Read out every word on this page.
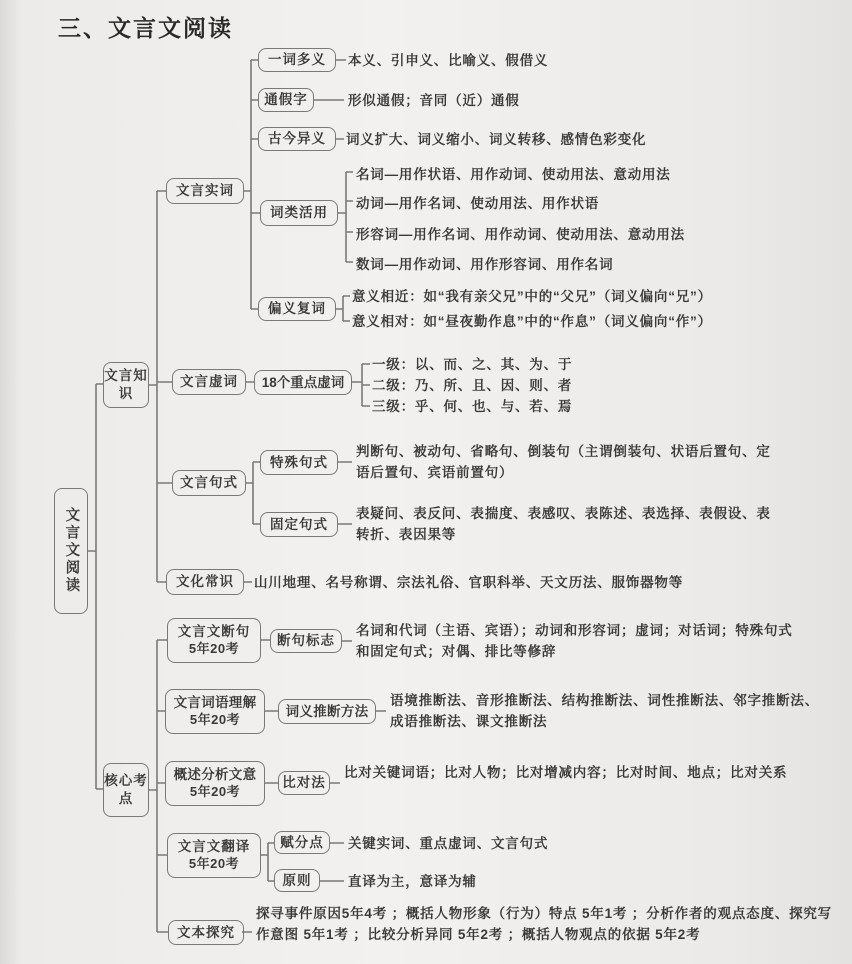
三、文言文阅读
文言文阅读
文言知识
核心考点
文言实词
文言虚词
文言句式
文化常识
一词多义	本义、引申义、比喻义、假借义
通假字	形似通假；音同（近）通假
古今异义	词义扩大、词义缩小、词义转移、感情色彩变化
词类活用
名词—用作状语、用作动词、使动用法、意动用法
动词—用作名词、使动用法、用作状语
形容词—用作名词、用作动词、使动用法、意动用法
数词—用作动词、用作形容词、用作名词
偏义复词
意义相近：如“我有亲父兄”中的“父兄”（词义偏向“兄”）
意义相对：如“昼夜勤作息”中的“作息”（词义偏向“作”）
18个重点虚词
一级：以、而、之、其、为、于
二级：乃、所、且、因、则、者
三级：乎、何、也、与、若、焉
特殊句式
判断句、被动句、省略句、倒装句（主谓倒装句、状语后置句、定语后置句、宾语前置句）
固定句式
表疑问、表反问、表揣度、表感叹、表陈述、表选择、表假设、表转折、表因果等
山川地理、名号称谓、宗法礼俗、官职科举、天文历法、服饰器物等
文言文断句
5年20考
断句标志
名词和代词（主语、宾语）；动词和形容词；虚词；对话词；特殊句式和固定句式；对偶、排比等修辞
文言词语理解
5年20考
词义推断方法
语境推断法、音形推断法、结构推断法、词性推断法、邻字推断法、成语推断法、课文推断法
概述分析文意
5年20考
比对法
比对关键词语；比对人物；比对增减内容；比对时间、地点；比对关系
文言文翻译
5年20考
赋分点	关键实词、重点虚词、文言句式
原则	直译为主，意译为辅
文本探究
探寻事件原因5年4考 ；概括人物形象（行为）特点 5年1考 ；分析作者的观点态度、探究写作意图 5年1考 ；比较分析异同 5年2考 ；概括人物观点的依据 5年2考
